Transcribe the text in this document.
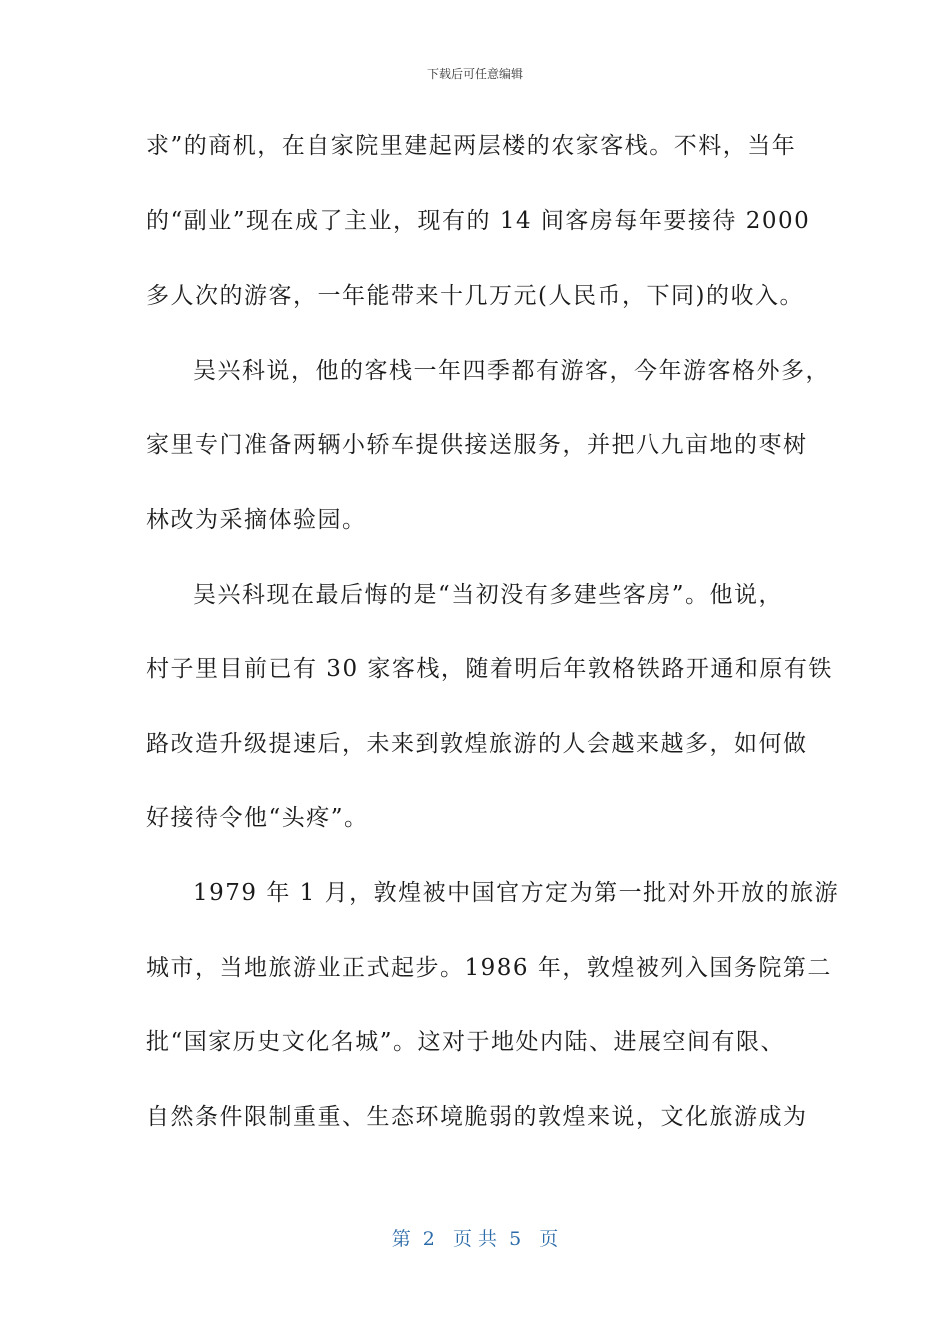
下载后可任意编辑
求”的商机，在自家院里建起两层楼的农家客栈。不料，当年
的“副业”现在成了主业，现有的 14 间客房每年要接待 2000
多人次的游客，一年能带来十几万元(人民币，下同)的收入。
吴兴科说，他的客栈一年四季都有游客，今年游客格外多，
家里专门准备两辆小轿车提供接送服务，并把八九亩地的枣树
林改为采摘体验园。
吴兴科现在最后悔的是“当初没有多建些客房”。他说，
村子里目前已有 30 家客栈，随着明后年敦格铁路开通和原有铁
路改造升级提速后，未来到敦煌旅游的人会越来越多，如何做
好接待令他“头疼”。
1979 年 1 月，敦煌被中国官方定为第一批对外开放的旅游
城市，当地旅游业正式起步。1986 年，敦煌被列入国务院第二
批“国家历史文化名城”。这对于地处内陆、进展空间有限、
自然条件限制重重、生态环境脆弱的敦煌来说，文化旅游成为
第  2   页 共  5   页
